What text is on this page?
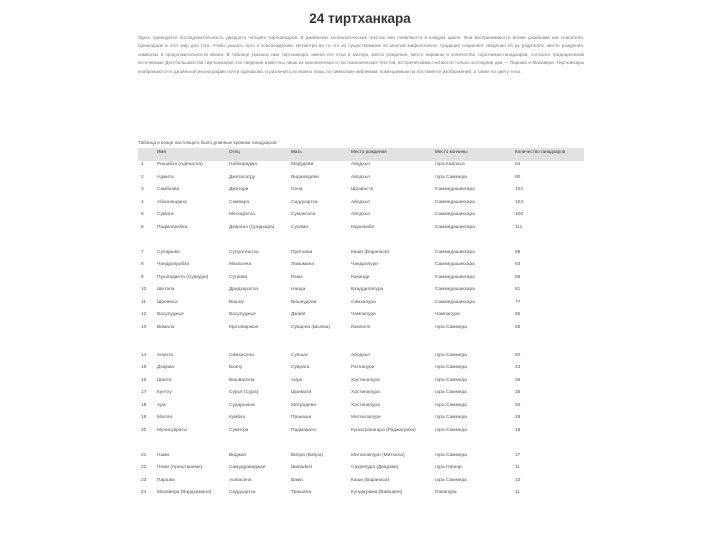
24 тиртханкара
Здесь приводится последовательность двадцати четырёх тиртханкаров. В джайнских космологических текстах они появляются в каждом цикле. Они воспринимаются всеми джайнами как спасители, пришедшие в этот мир для того, чтобы указать путь к освобождению. Несмотря на то что их существование во многом мифологично, традиция сохраняет сведения об их родителях, месте рождения, символах и продолжительности жизни. В таблице указаны имя тиртханкара, имена его отца и матери, место рождения, место нирваны и количество соратников-ганадхаров, согласно традиционным источникам. Для большинства тиртханкаров эти сведения известны лишь из канонических и постканонических текстов, историческими считаются только последние два — Паршва и Махавира. Тиртханкары изображаются в джайнской иконографии почти одинаково, и различить их можно лишь по символам-эмблемам, помещаемым на постаменте изображений, а также по цвету тела.
Таблица в конце настоящего было длинные хроники ганадхаров:
	Имя	Отец	Мать	Место рождения	Место кончины	Количество ганадхаров
1	Ришабха (Адинатха)	Набхираджа	Марудеви	Айодхья	гора Кайласа	84
2	Аджита	Джитасатру	Виджаядеви	Айодхья	гора Саммеда	90
3	Самбхава	Джитари	Сена	Шравасти	Саммедашикхара	102
4	Абхинандана	Самвара	Сиддхартха	Айодхья	Саммедашикхара	103
5	Сумати	Мегхаратха	Сумангала	Айодхья	Саммедашикхара	100
6	Падмапрабха	Дхарана (Сридхара)	Сусима	Каушамби	Саммедашикхара	111
7	Супаршва	Супратиштха	Притхиви	Каши (Варанаси)	Саммедашикхара	95
8	Чандрапрабха	Махасена	Лакшмана	Чандрапури	Саммедашикхара	93
9	Пушпаданта (Сувидхи)	Сугрива	Рама	Каканди	Саммедашикхара	88
10	Шитала	Дридхаратха	Нанда	Бхаддилапура	Саммедашикхара	81
11	Шреямса	Вишну	Вишнудеви	Симхапури	Саммедашикхара	77
12	Васупуджья	Васупуджья	Джайя	Чампапури	Чампапури	66
13	Вимала	Критаварман	Суварна (Шьяма)	Кампиля	гора Саммеда	55
14	Ананта	Симхасена	Суяшас	Айодхья	гора Саммеда	50
15	Дхарма	Бхану	Суврата	Ратнапури	гора Саммеда	43
16	Шанти	Вишвасена	Аира	Хастинапура	гора Саммеда	36
17	Кунтху	Сурья (Сура)	Шримати	Хастинапура	гора Саммеда	35
18	Ара	Сударшана	Митрадеви	Хастинапура	гора Саммеда	30
19	Малли	Кумбха	Пракаши	Митхилапури	гора Саммеда	28
20	Мунисувраты	Сумитра	Падмавати	Кушагранагара (Раджагриха)	гора Саммеда	18
21	Нами	Виджая	Випра (Вапра)	Митхилапури (Митхила)	гора Саммеда	17
22	Неми (Ариштанеми)	Самудравиджая	Шиваdevi	Саурипура (Двараке)	гора Гирнар	11
23	Паршва	Ашвасена	Вама	Каши (Варанаси)	гора Саммеда	10
24	Махавира (Вардхамана)	Сиддхартха	Тришала	Кундаграма (Вайшали)	Павапури	11
